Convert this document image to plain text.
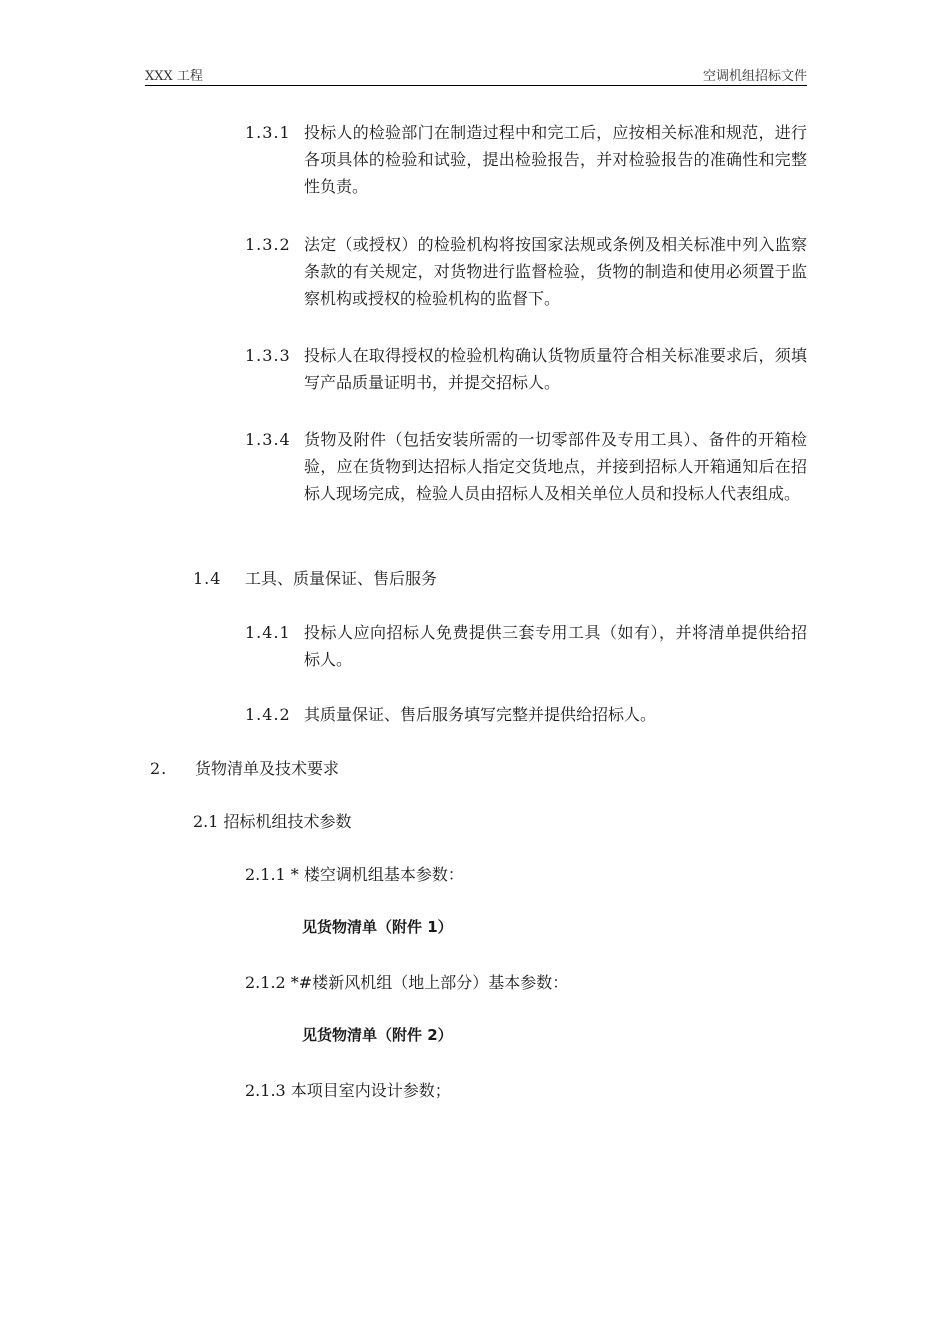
XXX 工程	空调机组招标文件
1.3.1 投标人的检验部门在制造过程中和完工后，应按相关标准和规范，进行各项具体的检验和试验，提出检验报告，并对检验报告的准确性和完整性负责。
1.3.2 法定（或授权）的检验机构将按国家法规或条例及相关标准中列入监察条款的有关规定，对货物进行监督检验，货物的制造和使用必须置于监察机构或授权的检验机构的监督下。
1.3.3 投标人在取得授权的检验机构确认货物质量符合相关标准要求后，须填写产品质量证明书，并提交招标人。
1.3.4 货物及附件（包括安装所需的一切零部件及专用工具）、备件的开箱检验，应在货物到达招标人指定交货地点，并接到招标人开箱通知后在招标人现场完成，检验人员由招标人及相关单位人员和投标人代表组成。
1.4 工具、质量保证、售后服务
1.4.1 投标人应向招标人免费提供三套专用工具（如有），并将清单提供给招标人。
1.4.2 其质量保证、售后服务填写完整并提供给招标人。
2. 货物清单及技术要求
2.1 招标机组技术参数
2.1.1 * 楼空调机组基本参数：
见货物清单（附件 1）
2.1.2 *#楼新风机组（地上部分）基本参数：
见货物清单（附件 2）
2.1.3 本项目室内设计参数；
